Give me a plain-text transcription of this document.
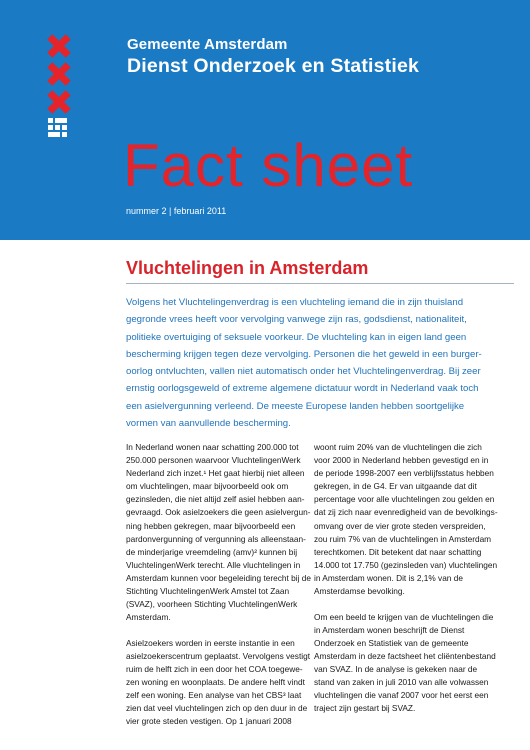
Gemeente Amsterdam
Dienst Onderzoek en Statistiek
Fact sheet
nummer 2 | februari 2011
Vluchtelingen in Amsterdam

Volgens het Vluchtelingenverdrag is een vluchteling iemand die in zijn thuisland gegronde vrees heeft voor vervolging vanwege zijn ras, godsdienst, nationaliteit, politieke overtuiging of seksuele voorkeur. De vluchteling kan in eigen land geen bescherming krijgen tegen deze vervolging. Personen die het geweld in een burgeroorlog ontvluchten, vallen niet automatisch onder het Vluchtelingenverdrag. Bij zeer ernstig oorlogsgeweld of extreme algemene dictatuur wordt in Nederland vaak toch een asielvergunning verleend. De meeste Europese landen hebben soortgelijke vormen van aanvullende bescherming.

In Nederland wonen naar schatting 200.000 tot 250.000 personen waarvoor VluchtelingenWerk Nederland zich inzet.¹ Het gaat hierbij niet alleen om vluchtelingen, maar bijvoorbeeld ook om gezinsleden, die niet altijd zelf asiel hebben aangevraagd. Ook asielzoekers die geen asielvergunning hebben gekregen, maar bijvoorbeeld een pardonvergunning of vergunning als alleenstaande minderjarige vreemdeling (amv)² kunnen bij VluchtelingenWerk terecht. Alle vluchtelingen in Amsterdam kunnen voor begeleiding terecht bij de Stichting VluchtelingenWerk Amstel tot Zaan (SVAZ), voorheen Stichting VluchtelingenWerk Amsterdam.

Asielzoekers worden in eerste instantie in een asielzoekerscentrum geplaatst. Vervolgens vestigt ruim de helft zich in een door het COA toegewezen woning en woonplaats. De andere helft vindt zelf een woning. Een analyse van het CBS³ laat zien dat veel vluchtelingen zich op den duur in de vier grote steden vestigen. Op 1 januari 2008

woont ruim 20% van de vluchtelingen die zich voor 2000 in Nederland hebben gevestigd en in de periode 1998-2007 een verblijfsstatus hebben gekregen, in de G4. Er van uitgaande dat dit percentage voor alle vluchtelingen zou gelden en dat zij zich naar evenredigheid van de bevolkingsomvang over de vier grote steden verspreiden, zou ruim 7% van de vluchtelingen in Amsterdam terechtkomen. Dit betekent dat naar schatting 14.000 tot 17.750 (gezinsleden van) vluchtelingen in Amsterdam wonen. Dit is 2,1% van de Amsterdamse bevolking.

Om een beeld te krijgen van de vluchtelingen die in Amsterdam wonen beschrijft de Dienst Onderzoek en Statistiek van de gemeente Amsterdam in deze factsheet het cliëntenbestand van SVAZ. In de analyse is gekeken naar de stand van zaken in juli 2010 van alle volwassen vluchtelingen die vanaf 2007 voor het eerst een traject zijn gestart bij SVAZ.
